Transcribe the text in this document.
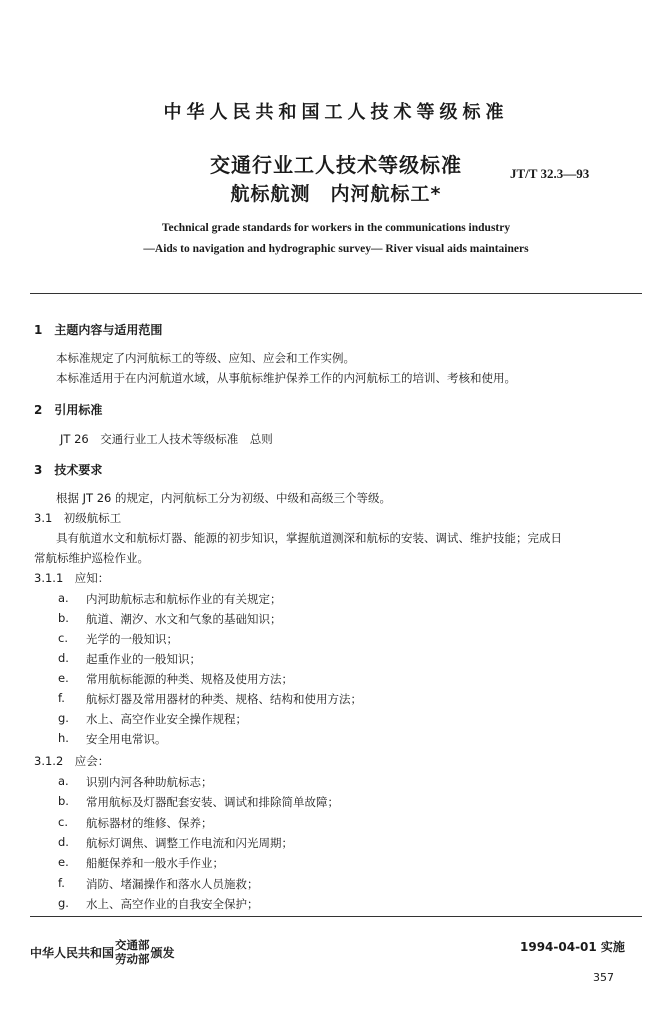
中华人民共和国工人技术等级标准
交通行业工人技术等级标准
航标航测　内河航标工*
JT/T 32.3—93
Technical grade standards for workers in the communications industry
—Aids to navigation and hydrographic survey— River visual aids maintainers
1　主题内容与适用范围
本标准规定了内河航标工的等级、应知、应会和工作实例。
本标准适用于在内河航道水域，从事航标维护保养工作的内河航标工的培训、考核和使用。
2　引用标准
JT 26　交通行业工人技术等级标准　总则
3　技术要求
根据 JT 26 的规定，内河航标工分为初级、中级和高级三个等级。
3.1　初级航标工
具有航道水文和航标灯器、能源的初步知识，掌握航道测深和航标的安装、调试、维护技能；完成日
常航标维护巡检作业。
3.1.1　应知：
a. 内河助航标志和航标作业的有关规定；
b. 航道、潮汐、水文和气象的基础知识；
c. 光学的一般知识；
d. 起重作业的一般知识；
e. 常用航标能源的种类、规格及使用方法；
f. 航标灯器及常用器材的种类、规格、结构和使用方法；
g. 水上、高空作业安全操作规程；
h. 安全用电常识。
3.1.2　应会：
a. 识别内河各种助航标志；
b. 常用航标及灯器配套安装、调试和排除简单故障；
c. 航标器材的维修、保养；
d. 航标灯调焦、调整工作电流和闪光周期；
e. 船艇保养和一般水手作业；
f. 消防、堵漏操作和落水人员施救；
g. 水上、高空作业的自我安全保护；
中华人民共和国
交通部
劳动部 颁发	1994-04-01 实施
357
